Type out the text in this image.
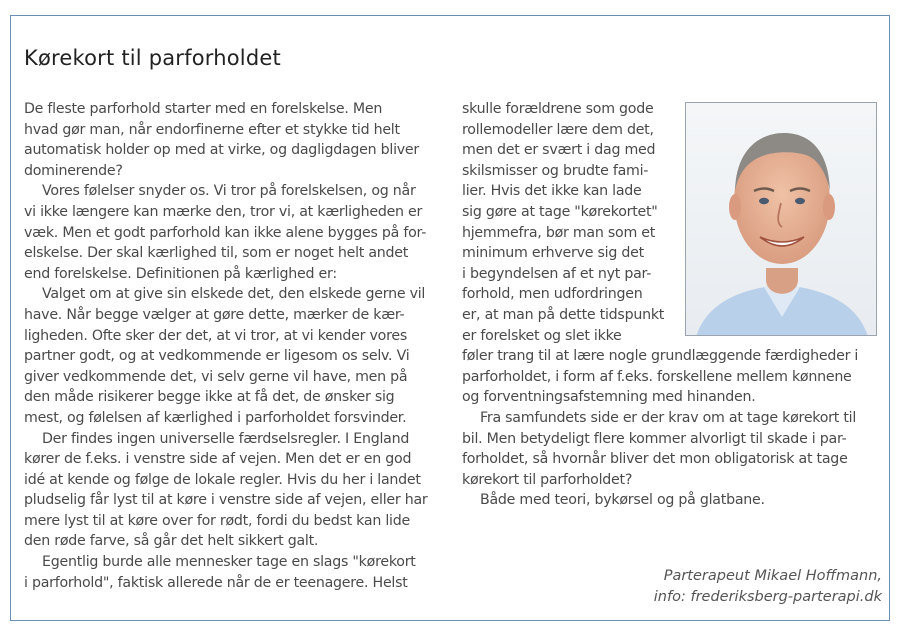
Kørekort til parforholdet

De fleste parforhold starter med en forelskelse. Men

hvad gør man, når endorfinerne efter et stykke tid helt

automatisk holder op med at virke, og dagligdagen bliver

dominerende?

Vores følelser snyder os. Vi tror på forelskelsen, og når

vi ikke længere kan mærke den, tror vi, at kærligheden er

væk. Men et godt parforhold kan ikke alene bygges på for-

elskelse. Der skal kærlighed til, som er noget helt andet

end forelskelse. Definitionen på kærlighed er:

Valget om at give sin elskede det, den elskede gerne vil

have. Når begge vælger at gøre dette, mærker de kær-

ligheden. Ofte sker der det, at vi tror, at vi kender vores

partner godt, og at vedkommende er ligesom os selv. Vi

giver vedkommende det, vi selv gerne vil have, men på

den måde risikerer begge ikke at få det, de ønsker sig

mest, og følelsen af kærlighed i parforholdet forsvinder.

Der findes ingen universelle færdselsregler. I England

kører de f.eks. i venstre side af vejen. Men det er en god

idé at kende og følge de lokale regler. Hvis du her i landet

pludselig får lyst til at køre i venstre side af vejen, eller har

mere lyst til at køre over for rødt, fordi du bedst kan lide

den røde farve, så går det helt sikkert galt.

Egentlig burde alle mennesker tage en slags "kørekort

i parforhold", faktisk allerede når de er teenagere. Helst

skulle forældrene som gode

rollemodeller lære dem det,

men det er svært i dag med

skilsmisser og brudte fami-

lier. Hvis det ikke kan lade

sig gøre at tage "kørekortet"

hjemmefra, bør man som et

minimum erhverve sig det

i begyndelsen af et nyt par-

forhold, men udfordringen

er, at man på dette tidspunkt

er forelsket og slet ikke

føler trang til at lære nogle grundlæggende færdigheder i

parforholdet, i form af f.eks. forskellene mellem kønnene

og forventningsafstemning med hinanden.

Fra samfundets side er der krav om at tage kørekort til

bil. Men betydeligt flere kommer alvorligt til skade i par-

forholdet, så hvornår bliver det mon obligatorisk at tage

kørekort til parforholdet?

Både med teori, bykørsel og på glatbane.

Parterapeut Mikael Hoffmann,
info: frederiksberg-parterapi.dk
